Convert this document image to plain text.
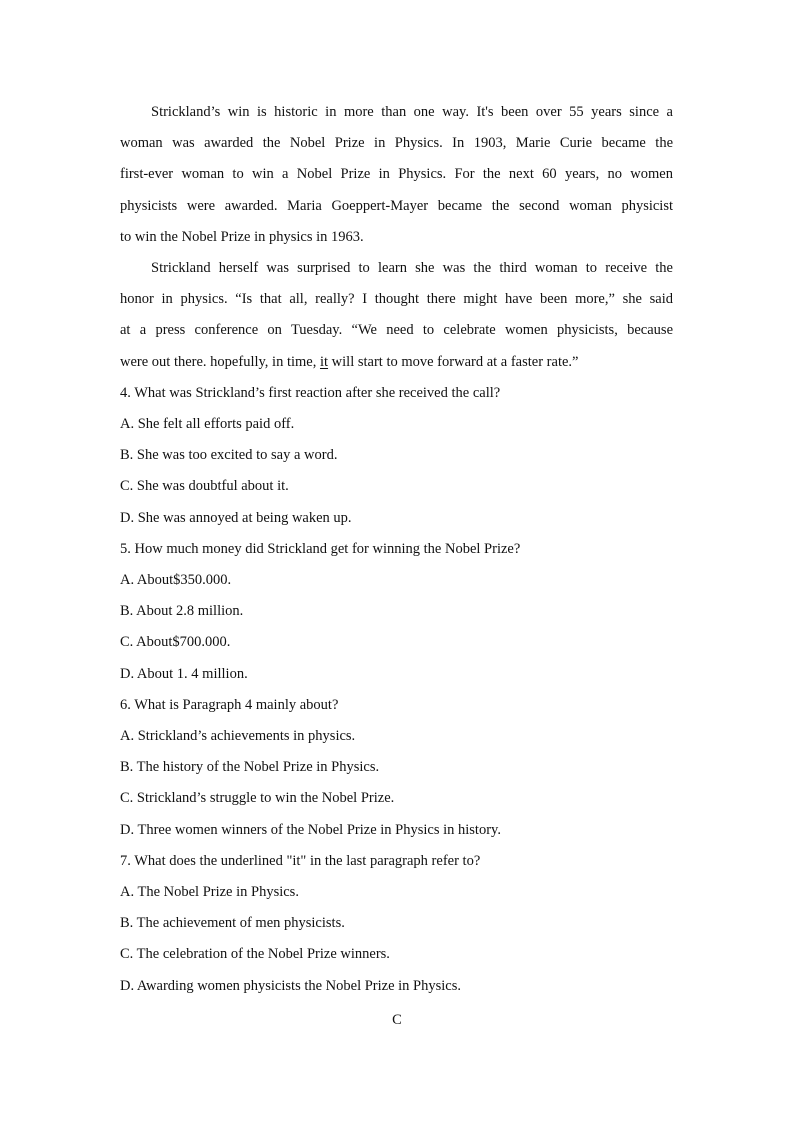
Strickland’s win is historic in more than one way. It's been over 55 years since a
woman was awarded the Nobel Prize in Physics. In 1903, Marie Curie became the
first-ever woman to win a Nobel Prize in Physics. For the next 60 years, no women
physicists were awarded. Maria Goeppert-Mayer became the second woman physicist
to win the Nobel Prize in physics in 1963.
Strickland herself was surprised to learn she was the third woman to receive the
honor in physics. “Is that all, really? I thought there might have been more,” she said
at a press conference on Tuesday. “We need to celebrate women physicists, because
were out there. hopefully, in time, it will start to move forward at a faster rate.”

4. What was Strickland’s first reaction after she received the call?

A. She felt all efforts paid off.

B. She was too excited to say a word.

C. She was doubtful about it.

D. She was annoyed at being waken up.

5. How much money did Strickland get for winning the Nobel Prize?

A. About$350.000.

B. About 2.8 million.

C. About$700.000.

D. About 1. 4 million.

6. What is Paragraph 4 mainly about?

A. Strickland’s achievements in physics.

B. The history of the Nobel Prize in Physics.

C. Strickland’s struggle to win the Nobel Prize.

D. Three women winners of the Nobel Prize in Physics in history.

7. What does the underlined "it" in the last paragraph refer to?

A. The Nobel Prize in Physics.

B. The achievement of men physicists.

C. The celebration of the Nobel Prize winners.

D. Awarding women physicists the Nobel Prize in Physics.

C
